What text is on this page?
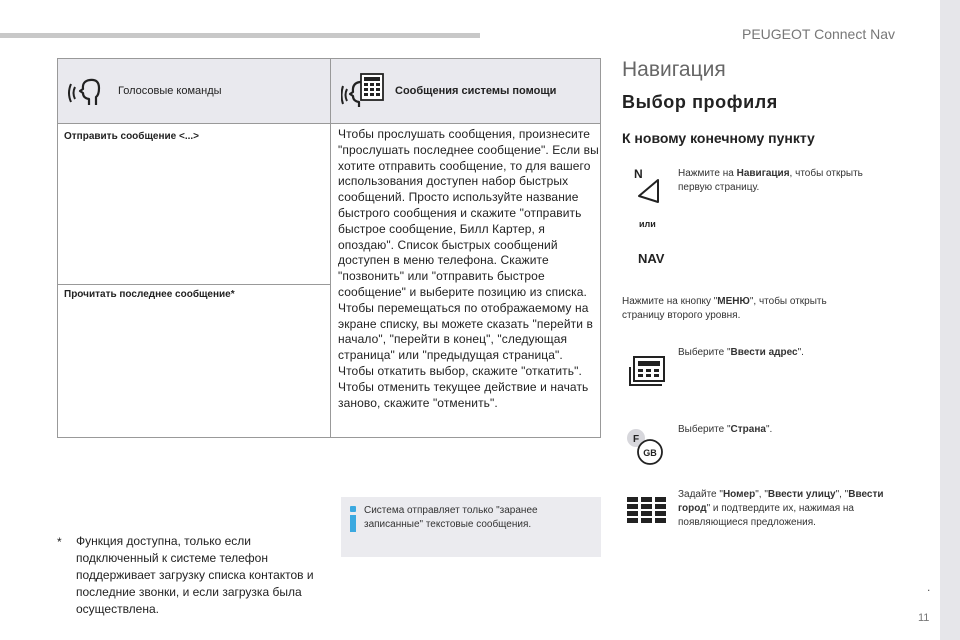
PEUGEOT Connect Nav
.
11
Голосовые команды	Сообщения системы помощи
Отправить сообщение <...>
Прочитать последнее сообщение*
Чтобы прослушать сообщения, произнесите "прослушать последнее сообщение". Если вы хотите отправить сообщение, то для вашего использования доступен набор быстрых сообщений. Просто используйте название быстрого сообщения и скажите "отправить быстрое сообщение, Билл Картер, я опоздаю". Список быстрых сообщений доступен в меню телефона. Скажите "позвонить" или "отправить быстрое сообщение" и выберите позицию из списка. Чтобы перемещаться по отображаемому на экране списку, вы можете сказать "перейти в начало", "перейти в конец", "следующая страница" или "предыдущая страница". Чтобы откатить выбор, скажите "откатить". Чтобы отменить текущее действие и начать заново, скажите "отменить".
* Функция доступна, только если подключенный к системе телефон поддерживает загрузку списка контактов и последние звонки, и если загрузка была осуществлена.
Система отправляет только "заранее записанные" текстовые сообщения.
Навигация
Выбор профиля
К новому конечному пункту
N	Нажмите на Навигация, чтобы открыть первую страницу.
или
NAV
Нажмите на кнопку "МЕНЮ", чтобы открыть страницу второго уровня.
Выберите "Ввести адрес".
F
GB
Выберите "Страна".
Задайте "Номер", "Ввести улицу", "Ввести город" и подтвердите их, нажимая на появляющиеся предложения.
